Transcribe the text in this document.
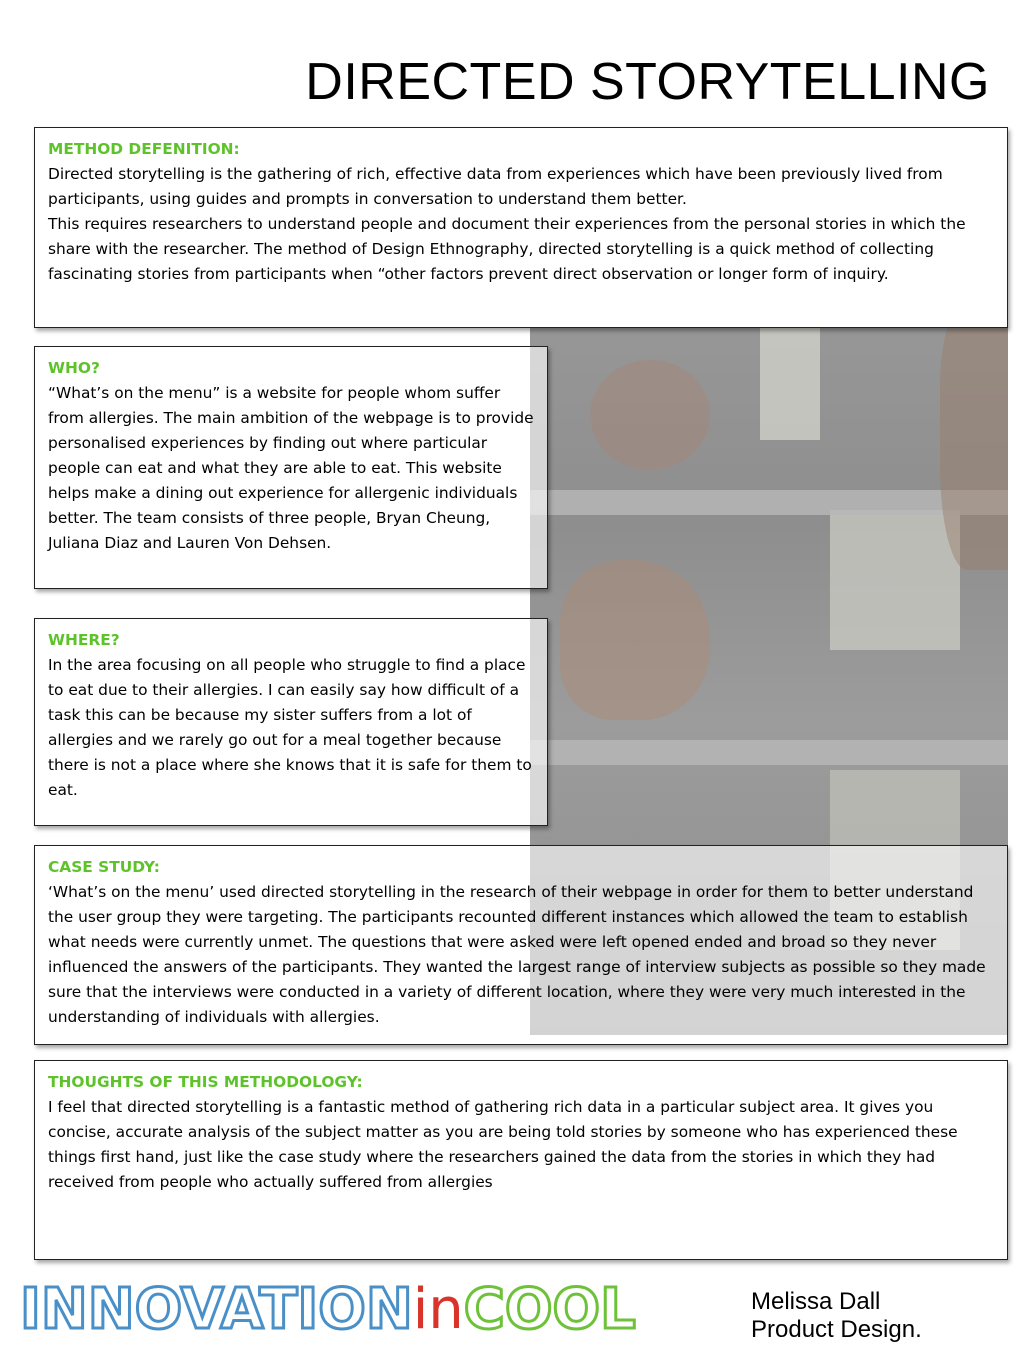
DIRECTED STORYTELLING
METHOD DEFENITION:
Directed storytelling is the gathering of rich, effective data from experiences which have been previously lived from participants, using guides and prompts in conversation to understand them better.
This requires researchers to understand people and document their experiences from the personal stories in which the share with the researcher. The method of Design Ethnography, directed storytelling is a quick method of collecting fascinating stories from participants when “other factors prevent direct observation or longer form of inquiry.
WHO?
“What’s on the menu” is a website for people whom suffer from allergies. The main ambition of the webpage is to provide personalised experiences by finding out where particular people can eat and what they are able to eat. This website helps make a dining out experience for allergenic individuals better. The team consists of three people, Bryan Cheung, Juliana Diaz and Lauren Von Dehsen.
WHERE?
In the area focusing on all people who struggle to find a place to eat due to their allergies. I can easily say how difficult of a task this can be because my sister suffers from a lot of allergies and we rarely go out for a meal together because there is not a place where she knows that it is safe for them to eat.
CASE STUDY:
‘What’s on the menu’ used directed storytelling in the research of their webpage in order for them to better understand the user group they were targeting. The participants recounted different instances which allowed the team to establish what needs were currently unmet. The questions that were asked were left opened ended and broad so they never influenced the answers of the participants. They wanted the largest range of interview subjects as possible so they made sure that the interviews were conducted in a variety of different location, where they were very much interested in the understanding of individuals with allergies.
THOUGHTS OF THIS METHODOLOGY:
I feel that directed storytelling is a fantastic method of gathering rich data in a particular subject area. It gives you concise, accurate analysis of the subject matter as you are being told stories by someone who has experienced these things first hand, just like the case study where the researchers gained the data from the stories in which they had received from people who actually suffered from allergies
INNOVATIONinCOOL	Melissa Dall
Product Design.
